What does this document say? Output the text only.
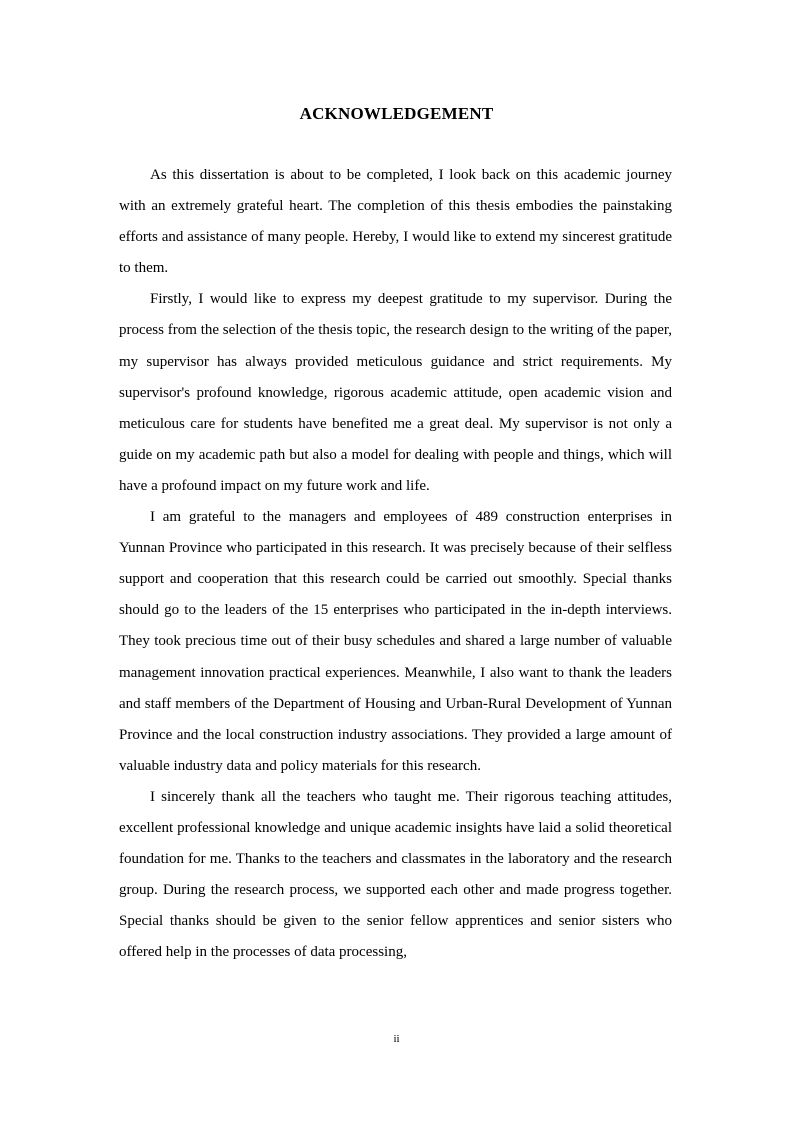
ACKNOWLEDGEMENT

As this dissertation is about to be completed, I look back on this academic journey with an extremely grateful heart. The completion of this thesis embodies the painstaking efforts and assistance of many people. Hereby, I would like to extend my sincerest gratitude to them.

Firstly, I would like to express my deepest gratitude to my supervisor. During the process from the selection of the thesis topic, the research design to the writing of the paper, my supervisor has always provided meticulous guidance and strict requirements. My supervisor's profound knowledge, rigorous academic attitude, open academic vision and meticulous care for students have benefited me a great deal. My supervisor is not only a guide on my academic path but also a model for dealing with people and things, which will have a profound impact on my future work and life.

I am grateful to the managers and employees of 489 construction enterprises in Yunnan Province who participated in this research. It was precisely because of their selfless support and cooperation that this research could be carried out smoothly. Special thanks should go to the leaders of the 15 enterprises who participated in the in-depth interviews. They took precious time out of their busy schedules and shared a large number of valuable management innovation practical experiences. Meanwhile, I also want to thank the leaders and staff members of the Department of Housing and Urban-Rural Development of Yunnan Province and the local construction industry associations. They provided a large amount of valuable industry data and policy materials for this research.

I sincerely thank all the teachers who taught me. Their rigorous teaching attitudes, excellent professional knowledge and unique academic insights have laid a solid theoretical foundation for me. Thanks to the teachers and classmates in the laboratory and the research group. During the research process, we supported each other and made progress together. Special thanks should be given to the senior fellow apprentices and senior sisters who offered help in the processes of data processing,

ii
